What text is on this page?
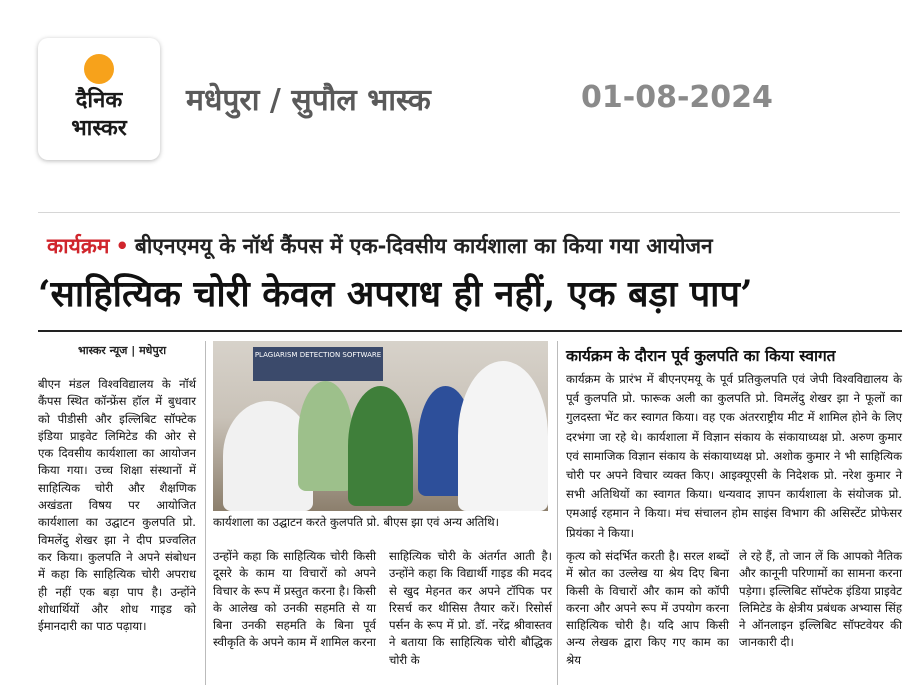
दैनिक
भास्कर
मधेपुरा / सुपौल भास्क	01-08-2024
कार्यक्रम • बीएनएमयू के नॉर्थ कैंपस में एक-दिवसीय कार्यशाला का किया गया आयोजन
‘साहित्यिक चोरी केवल अपराध ही नहीं, एक बड़ा पाप’
भास्कर न्यूज | मधेपुरा
बीएन मंडल विश्वविद्यालय के नॉर्थ कैंपस स्थित कॉन्फ्रेंस हॉल में बुधवार को पीडीसी और इल्लिबिट सॉफ्टेक इंडिया प्राइवेट लिमिटेड की ओर से एक दिवसीय कार्यशाला का आयोजन किया गया। उच्च शिक्षा संस्थानों में साहित्यिक चोरी और शैक्षणिक अखंडता विषय पर आयोजित कार्यशाला का उद्घाटन कुलपति प्रो. विमलेंदु शेखर झा ने दीप प्रज्वलित कर किया। कुलपति ने अपने संबोधन में कहा कि साहित्यिक चोरी अपराध ही नहीं एक बड़ा पाप है। उन्होंने शोधार्थियों और शोध गाइड को ईमानदारी का पाठ पढ़ाया।
PLAGIARISM DETECTION SOFTWARE
कार्यशाला का उद्घाटन करते कुलपति प्रो. बीएस झा एवं अन्य अतिथि।
कार्यक्रम के दौरान पूर्व कुलपति का किया स्वागत
कार्यक्रम के प्रारंभ में बीएनएमयू के पूर्व प्रतिकुलपति एवं जेपी विश्वविद्यालय के पूर्व कुलपति प्रो. फारूक अली का कुलपति प्रो. विमलेंदु शेखर झा ने फूलों का गुलदस्ता भेंट कर स्वागत किया। वह एक अंतरराष्ट्रीय मीट में शामिल होने के लिए दरभंगा जा रहे थे। कार्यशाला में विज्ञान संकाय के संकायाध्यक्ष प्रो. अरुण कुमार एवं सामाजिक विज्ञान संकाय के संकायाध्यक्ष प्रो. अशोक कुमार ने भी साहित्यिक चोरी पर अपने विचार व्यक्त किए। आइक्यूएसी के निदेशक प्रो. नरेश कुमार ने सभी अतिथियों का स्वागत किया। धन्यवाद ज्ञापन कार्यशाला के संयोजक प्रो. एमआई रहमान ने किया। मंच संचालन होम साइंस विभाग की असिस्टेंट प्रोफेसर प्रियंका ने किया।
उन्होंने कहा कि साहित्यिक चोरी किसी दूसरे के काम या विचारों को अपने विचार के रूप में प्रस्तुत करना है। किसी के आलेख को उनकी सहमति से या बिना उनकी सहमति के बिना पूर्व स्वीकृति के अपने काम में शामिल करना
साहित्यिक चोरी के अंतर्गत आती है। उन्होंने कहा कि विद्यार्थी गाइड की मदद से खुद मेहनत कर अपने टॉपिक पर रिसर्च कर थीसिस तैयार करें। रिसोर्स पर्सन के रूप में प्रो. डॉ. नरेंद्र श्रीवास्तव ने बताया कि साहित्यिक चोरी बौद्धिक चोरी के
कृत्य को संदर्भित करती है। सरल शब्दों में स्रोत का उल्लेख या श्रेय दिए बिना किसी के विचारों और काम को कॉपी करना और अपने रूप में उपयोग करना साहित्यिक चोरी है। यदि आप किसी अन्य लेखक द्वारा किए गए काम का श्रेय
ले रहे हैं, तो जान लें कि आपको नैतिक और कानूनी परिणामों का सामना करना पड़ेगा। इल्लिबिट सॉफ्टेक इंडिया प्राइवेट लिमिटेड के क्षेत्रीय प्रबंधक अभ्यास सिंह ने ऑनलाइन इल्लिबिट सॉफ्टवेयर की जानकारी दी।
